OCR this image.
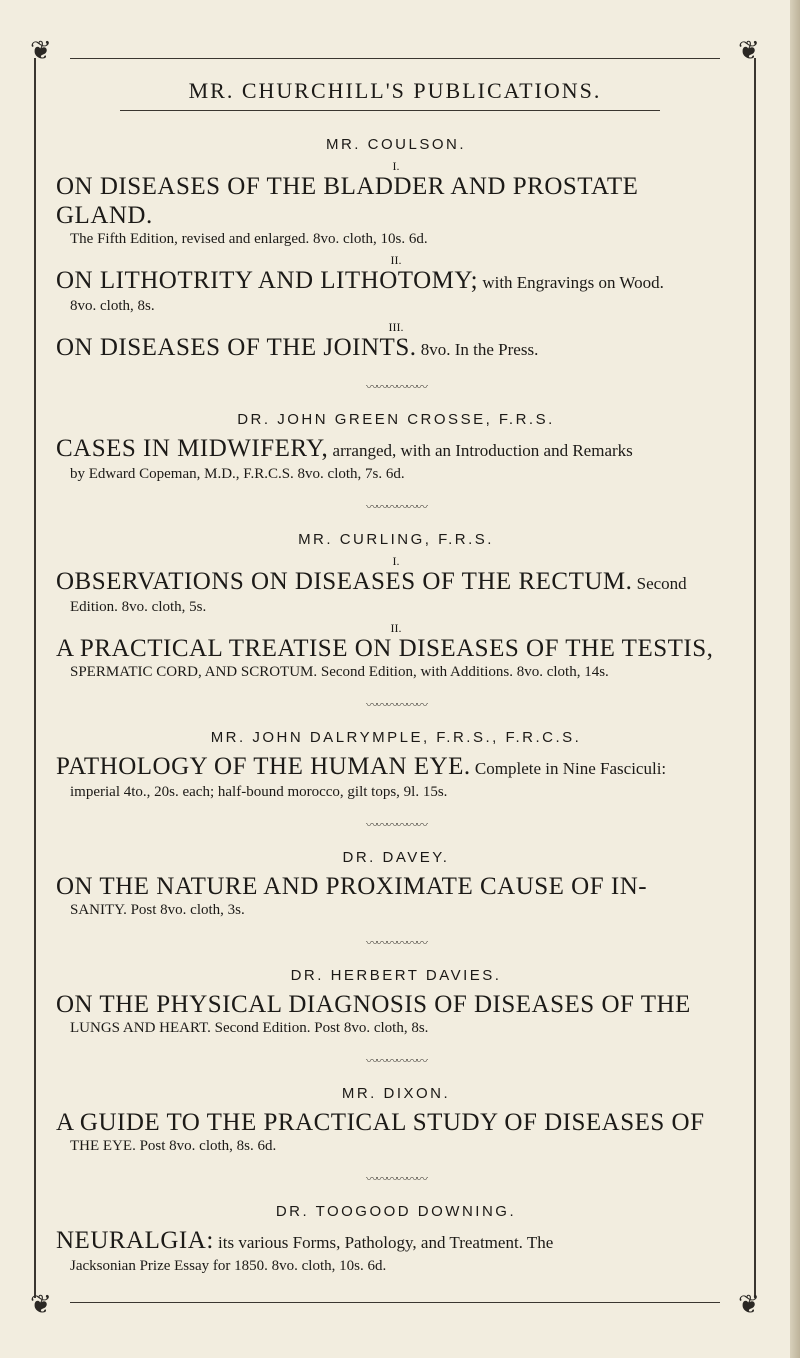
❦	❦
❦	❦
MR. CHURCHILL'S PUBLICATIONS.
MR. COULSON.
I.
ON DISEASES OF THE BLADDER AND PROSTATE GLAND.
The Fifth Edition, revised and enlarged. 8vo. cloth, 10s. 6d.
II.
ON LITHOTRITY AND LITHOTOMY; with Engravings on Wood.
8vo. cloth, 8s.
III.
ON DISEASES OF THE JOINTS. 8vo. In the Press.
〰〰〰〰〰〰
DR. JOHN GREEN CROSSE, F.R.S.
CASES IN MIDWIFERY, arranged, with an Introduction and Remarks
by Edward Copeman, M.D., F.R.C.S. 8vo. cloth, 7s. 6d.
〰〰〰〰〰〰
MR. CURLING, F.R.S.
I.
OBSERVATIONS ON DISEASES OF THE RECTUM. Second
Edition. 8vo. cloth, 5s.
II.
A PRACTICAL TREATISE ON DISEASES OF THE TESTIS,
SPERMATIC CORD, AND SCROTUM. Second Edition, with Additions. 8vo. cloth, 14s.
〰〰〰〰〰〰
MR. JOHN DALRYMPLE, F.R.S., F.R.C.S.
PATHOLOGY OF THE HUMAN EYE. Complete in Nine Fasciculi:
imperial 4to., 20s. each; half-bound morocco, gilt tops, 9l. 15s.
〰〰〰〰〰〰
DR. DAVEY.
ON THE NATURE AND PROXIMATE CAUSE OF IN-
SANITY. Post 8vo. cloth, 3s.
〰〰〰〰〰〰
DR. HERBERT DAVIES.
ON THE PHYSICAL DIAGNOSIS OF DISEASES OF THE
LUNGS AND HEART. Second Edition. Post 8vo. cloth, 8s.
〰〰〰〰〰〰
MR. DIXON.
A GUIDE TO THE PRACTICAL STUDY OF DISEASES OF
THE EYE. Post 8vo. cloth, 8s. 6d.
〰〰〰〰〰〰
DR. TOOGOOD DOWNING.
NEURALGIA: its various Forms, Pathology, and Treatment. The
Jacksonian Prize Essay for 1850. 8vo. cloth, 10s. 6d.
